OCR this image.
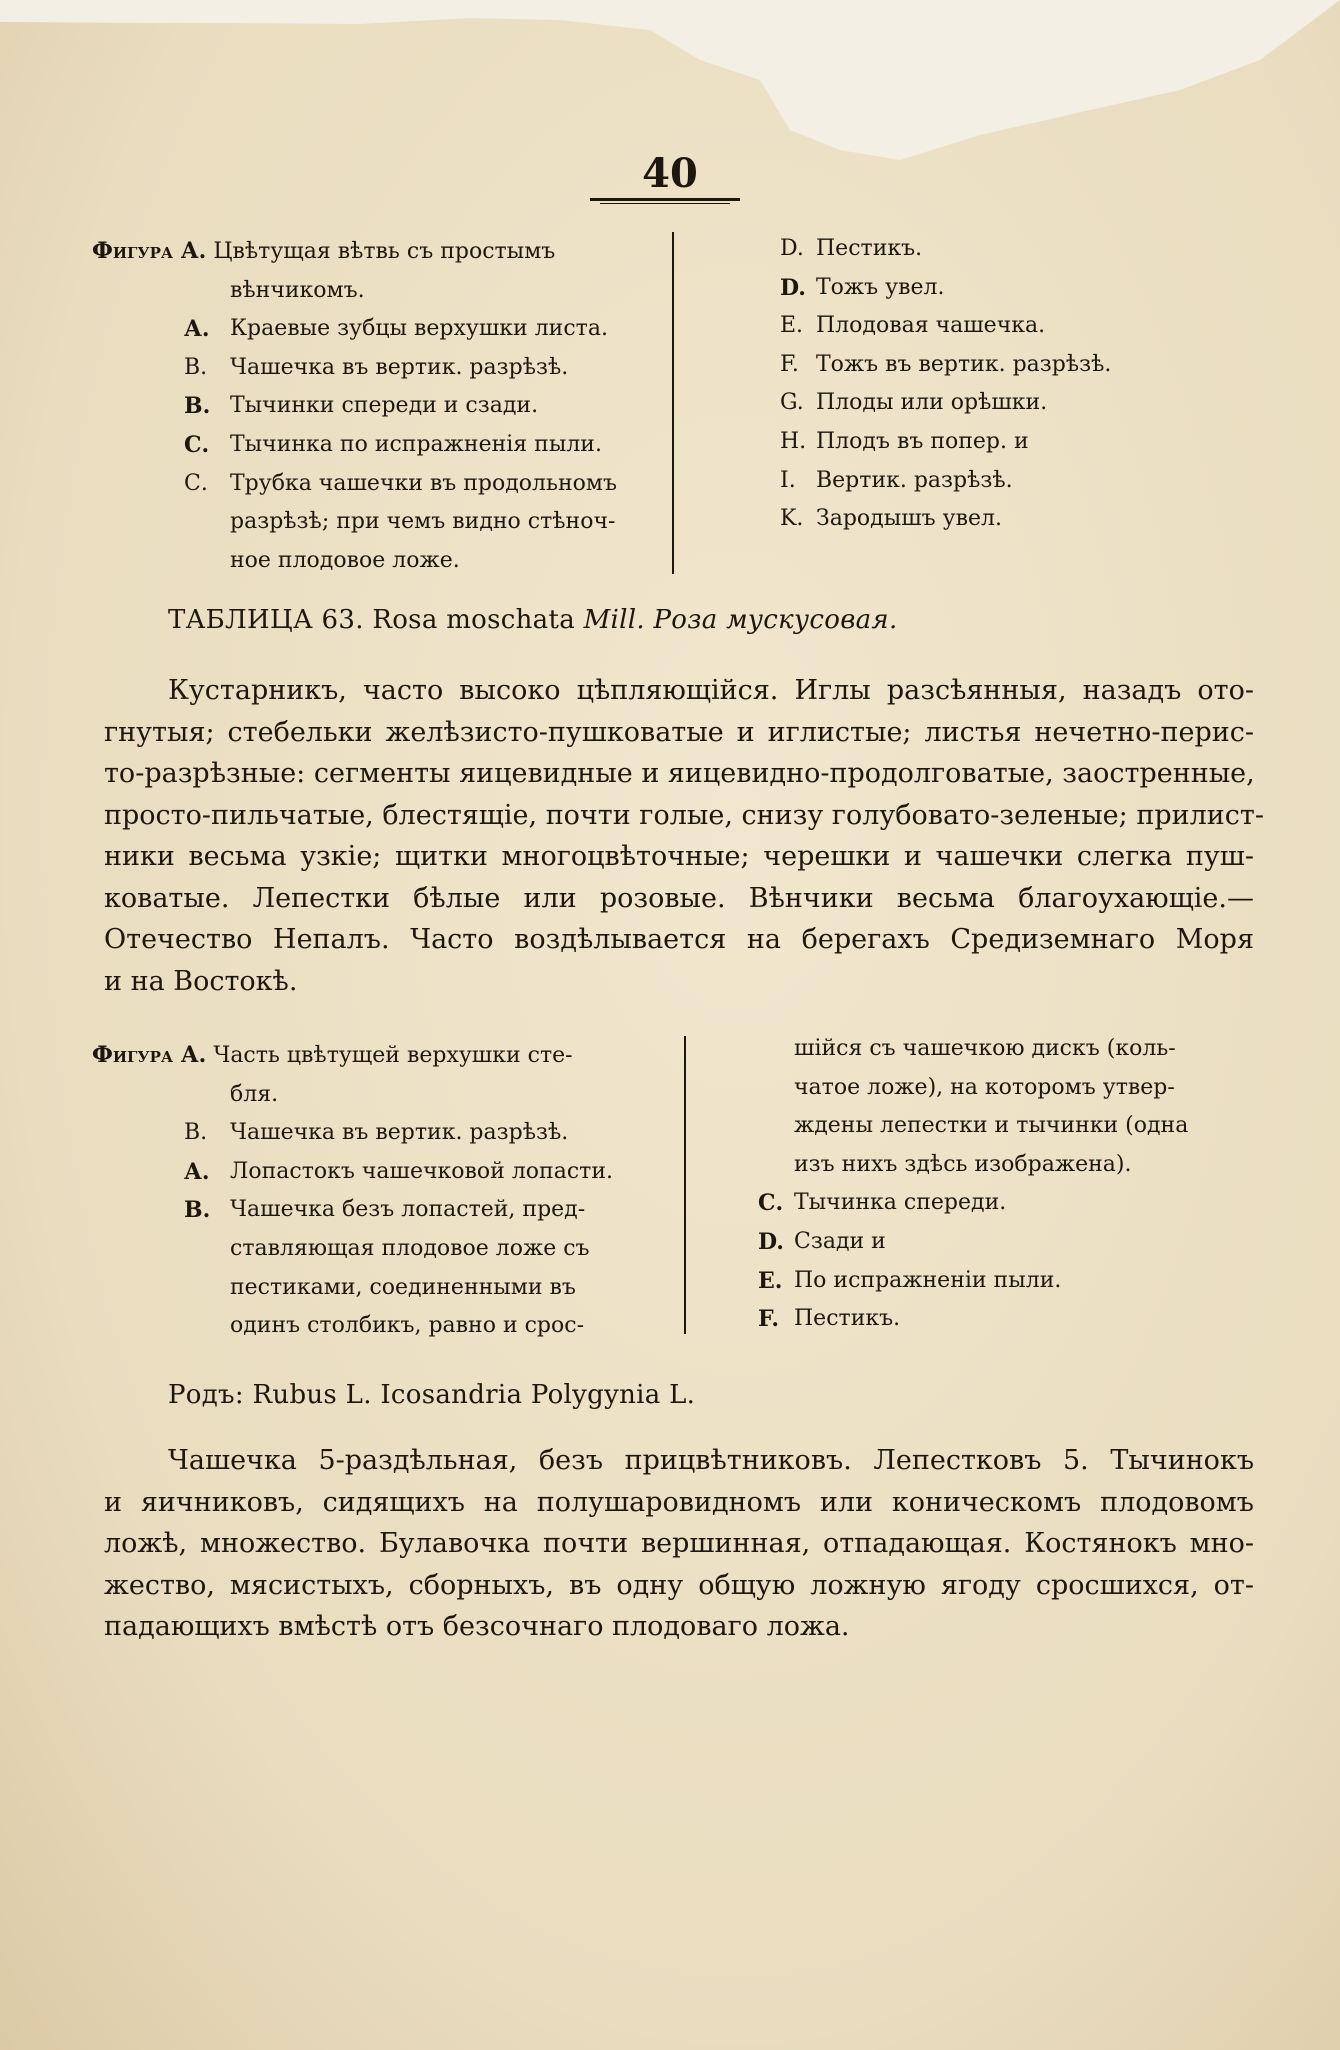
40
Фигура А. Цвѣтущая вѣтвь съ простымъ
вѣнчикомъ.
А. Краевые зубцы верхушки листа.
В. Чашечка въ вертик. разрѣзѣ.
В. Тычинки спереди и сзади.
С. Тычинка по испражненія пыли.
С. Трубка чашечки въ продольномъ
разрѣзѣ; при чемъ видно стѣноч-
ное плодовое ложе.
D. Пестикъ.
D. Тожъ увел.
E. Плодовая чашечка.
F. Тожъ въ вертик. разрѣзѣ.
G. Плоды или орѣшки.
H. Плодъ въ попер. и
I. Вертик. разрѣзѣ.
K. Зародышъ увел.
ТАБЛИЦА 63. Rosa moschata Mill. Роза мускусовая.
Кустарникъ, часто высоко цѣпляющійся. Иглы разсѣянныя, назадъ ото-
гнутыя; стебельки желѣзисто-пушковатые и иглистые; листья нечетно-перис-
то-разрѣзные: сегменты яицевидные и яицевидно-продолговатые, заостренные,
просто-пильчатые, блестящіе, почти голые, снизу голубовато-зеленые; прилист-
ники весьма узкіе; щитки многоцвѣточные; черешки и чашечки слегка пуш-
коватые. Лепестки бѣлые или розовые. Вѣнчики весьма благоухающіе.—
Отечество Непалъ. Часто воздѣлывается на берегахъ Средиземнаго Моря
и на Востокѣ.
Фигура А. Часть цвѣтущей верхушки сте-
бля.
В. Чашечка въ вертик. разрѣзѣ.
А. Лопастокъ чашечковой лопасти.
В. Чашечка безъ лопастей, пред-
ставляющая плодовое ложе съ
пестиками, соединенными въ
одинъ столбикъ, равно и срос-
шійся съ чашечкою дискъ (коль-
чатое ложе), на которомъ утвер-
ждены лепестки и тычинки (одна
изъ нихъ здѣсь изображена).
С. Тычинка спереди.
D. Сзади и
E. По испражненіи пыли.
F. Пестикъ.
Родъ: Rubus L. Icosandria Polygynia L.
Чашечка 5-раздѣльная, безъ прицвѣтниковъ. Лепестковъ 5. Тычинокъ
и яичниковъ, сидящихъ на полушаровидномъ или коническомъ плодовомъ
ложѣ, множество. Булавочка почти вершинная, отпадающая. Костянокъ мно-
жество, мясистыхъ, сборныхъ, въ одну общую ложную ягоду сросшихся, от-
падающихъ вмѣстѣ отъ безсочнаго плодоваго ложа.
